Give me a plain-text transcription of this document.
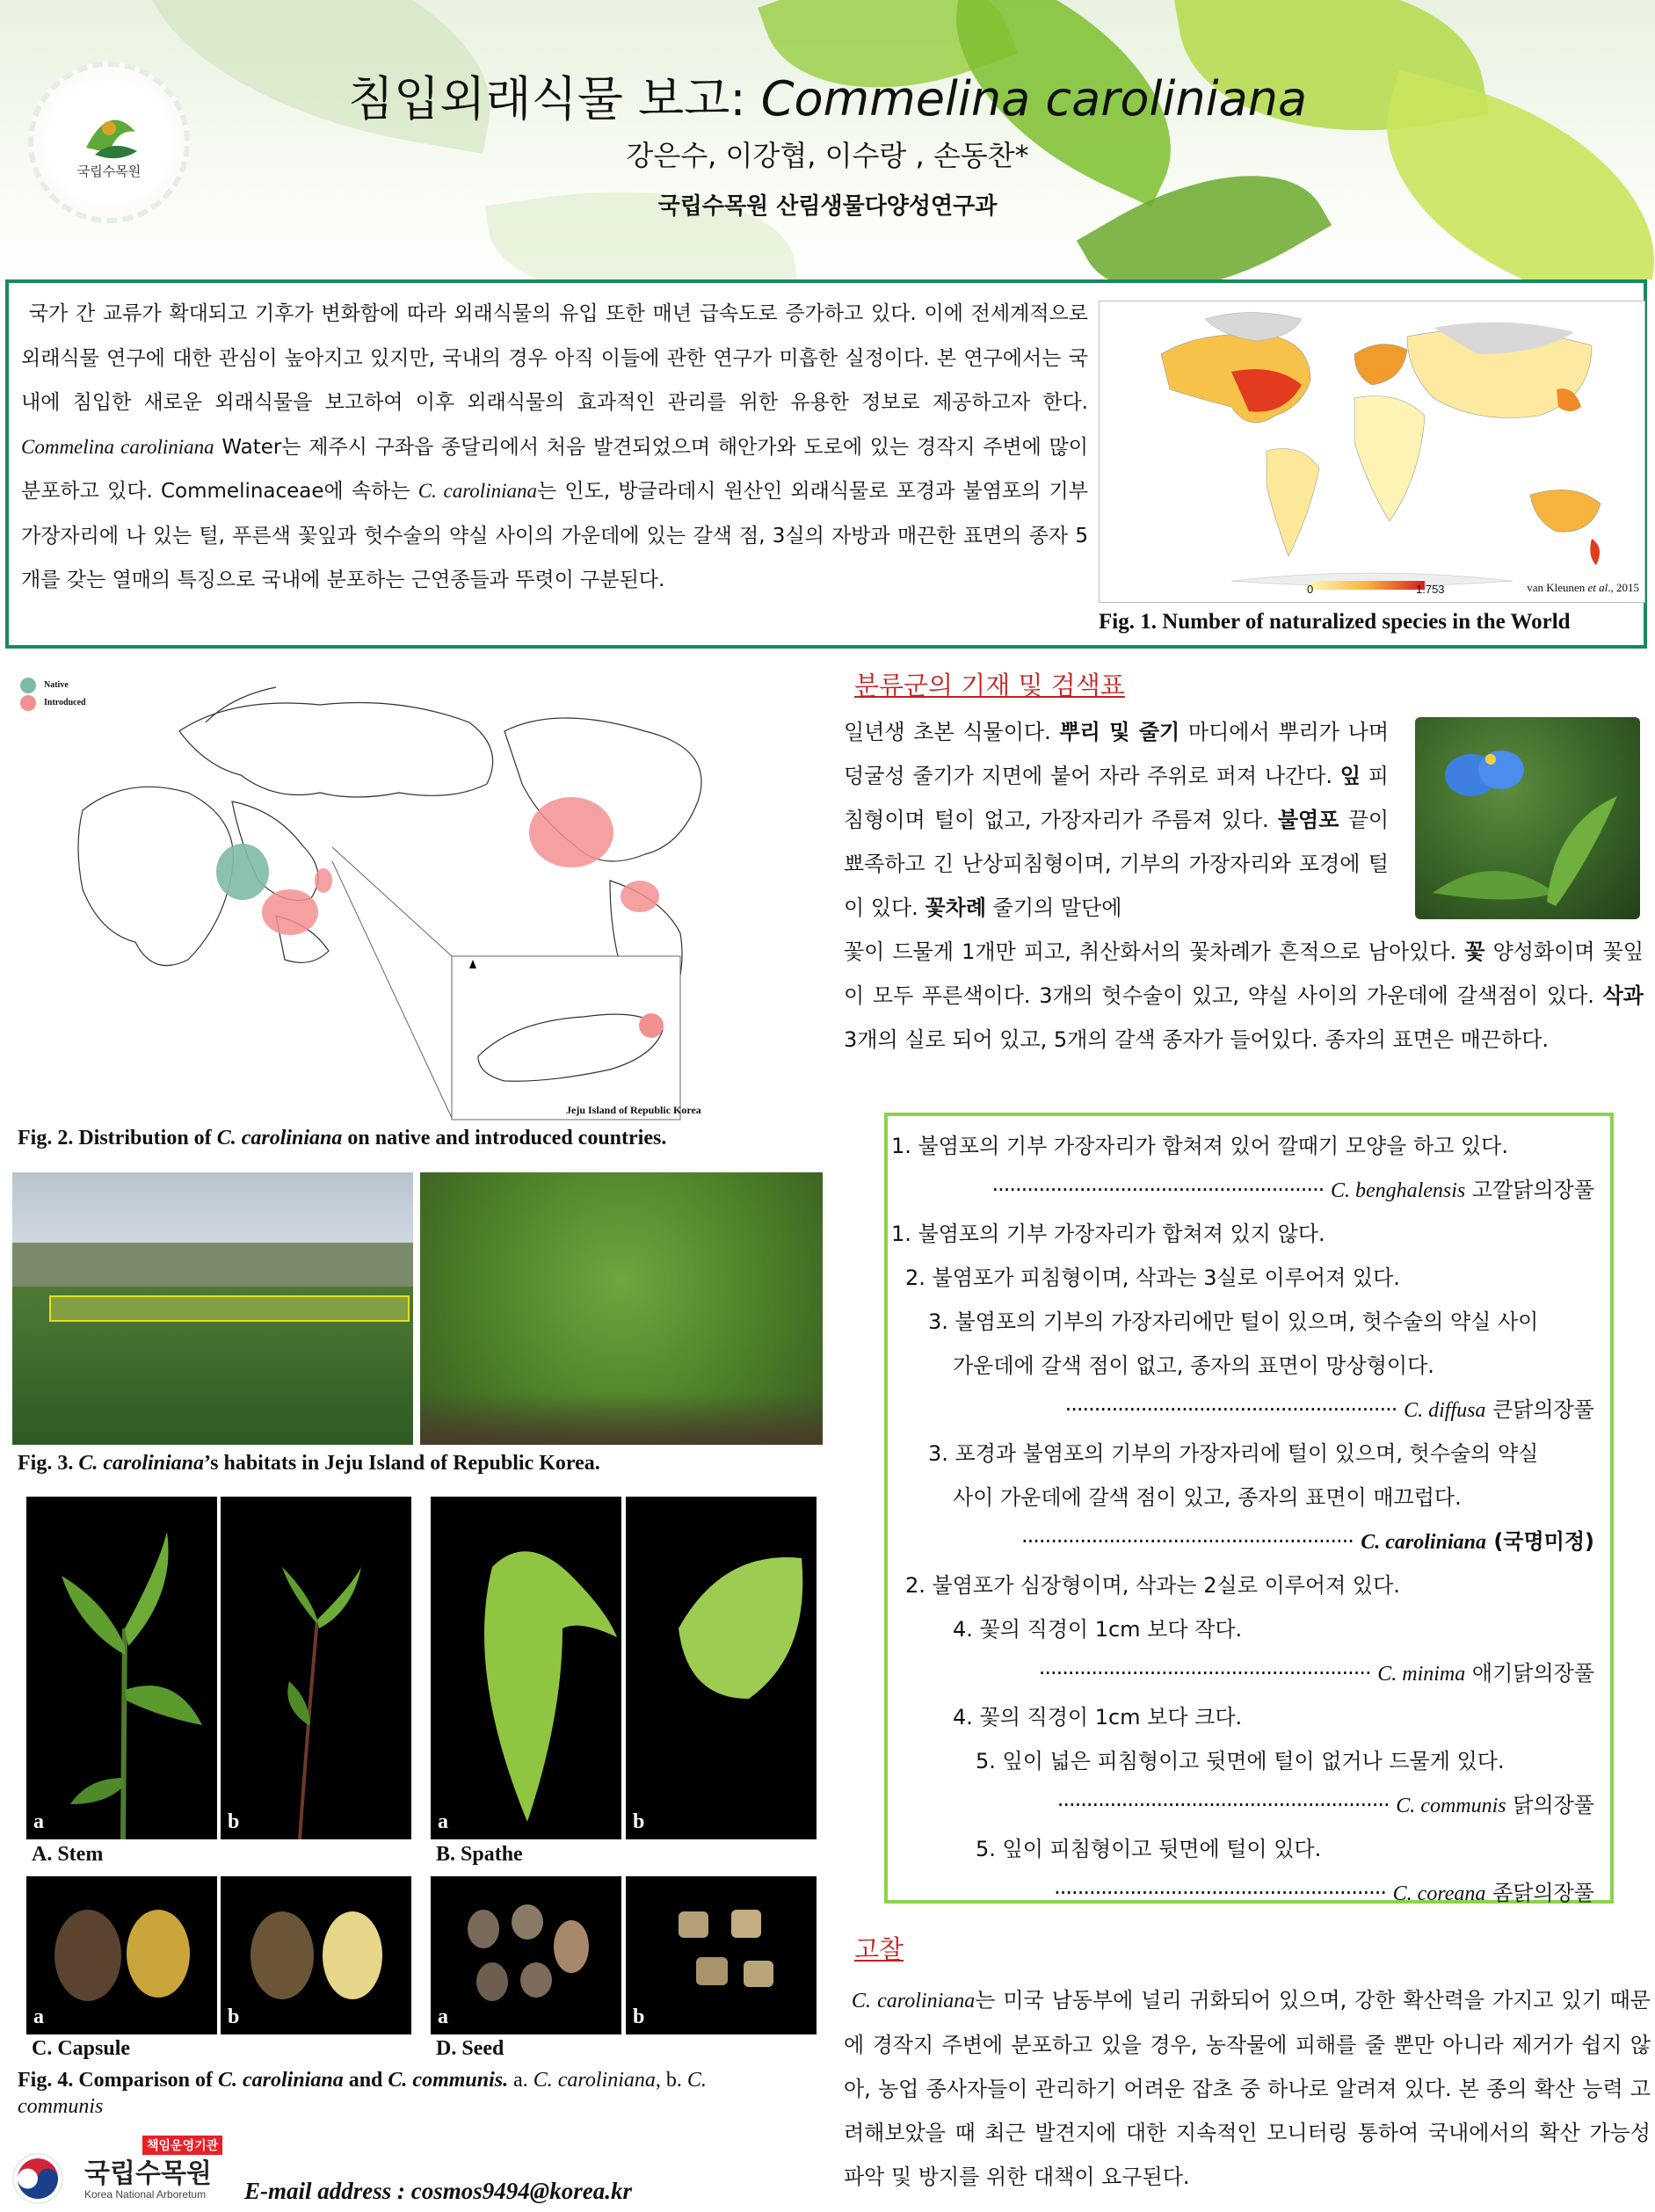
국립수목원
침입외래식물 보고: Commelina caroliniana
강은수, 이강협, 이수랑 , 손동찬*
국립수목원 산림생물다양성연구과
국가 간 교류가 확대되고 기후가 변화함에 따라 외래식물의 유입 또한 매년 급속도로 증가하고 있다. 이에 전세계적으로 외래식물 연구에 대한 관심이 높아지고 있지만, 국내의 경우 아직 이들에 관한 연구가 미흡한 실정이다. 본 연구에서는 국내에 침입한 새로운 외래식물을 보고하여 이후 외래식물의 효과적인 관리를 위한 유용한 정보로 제공하고자 한다. Commelina caroliniana Water는 제주시 구좌읍 종달리에서 처음 발견되었으며 해안가와 도로에 있는 경작지 주변에 많이 분포하고 있다. Commelinaceae에 속하는 C. caroliniana는 인도, 방글라데시 원산인 외래식물로 포경과 불염포의 기부 가장자리에 나 있는 털, 푸른색 꽃잎과 헛수술의 약실 사이의 가운데에 있는 갈색 점, 3실의 자방과 매끈한 표면의 종자 5개를 갖는 열매의 특징으로 국내에 분포하는 근연종들과 뚜렷이 구분된다.	0	1.753	van Kleunen et al., 2015
Fig. 1. Number of naturalized species in the World
Native
Introduced
Jeju Island of Republic Korea
Fig. 2. Distribution of C. caroliniana on native and introduced countries.
Fig. 3. C. caroliniana’s habitats in Jeju Island of Republic Korea.
a	b
A. Stem
a	b
B. Spathe
a	b
C. Capsule
a	b
D. Seed
Fig. 4. Comparison of C. caroliniana and C. communis. a. C. caroliniana, b. C. communis
분류군의 기재 및 검색표
일년생 초본 식물이다. 뿌리 및 줄기 마디에서 뿌리가 나며 덩굴성 줄기가 지면에 붙어 자라 주위로 퍼져 나간다. 잎 피침형이며 털이 없고, 가장자리가 주름져 있다. 불염포 끝이 뾰족하고 긴 난상피침형이며, 기부의 가장자리와 포경에 털이 있다. 꽃차례 줄기의 말단에
꽃이 드물게 1개만 피고, 취산화서의 꽃차례가 흔적으로 남아있다. 꽃 양성화이며 꽃잎이 모두 푸른색이다. 3개의 헛수술이 있고, 약실 사이의 가운데에 갈색점이 있다. 삭과 3개의 실로 되어 있고, 5개의 갈색 종자가 들어있다. 종자의 표면은 매끈하다.
1. 불염포의 기부 가장자리가 합쳐져 있어 깔때기 모양을 하고 있다.
························································· C. benghalensis 고깔닭의장풀
1. 불염포의 기부 가장자리가 합쳐져 있지 않다.
2. 불염포가 피침형이며, 삭과는 3실로 이루어져 있다.
3. 불염포의 기부의 가장자리에만 털이 있으며, 헛수술의 약실 사이
가운데에 갈색 점이 없고, 종자의 표면이 망상형이다.
························································· C. diffusa 큰닭의장풀
3. 포경과 불염포의 기부의 가장자리에 털이 있으며, 헛수술의 약실
사이 가운데에 갈색 점이 있고, 종자의 표면이 매끄럽다.
························································· C. caroliniana (국명미정)
2. 불염포가 심장형이며, 삭과는 2실로 이루어져 있다.
4. 꽃의 직경이 1cm 보다 작다.
························································· C. minima 애기닭의장풀
4. 꽃의 직경이 1cm 보다 크다.
5. 잎이 넓은 피침형이고 뒷면에 털이 없거나 드물게 있다.
························································· C. communis 닭의장풀
5. 잎이 피침형이고 뒷면에 털이 있다.
························································· C. coreana 좀닭의장풀
고찰
C. caroliniana는 미국 남동부에 널리 귀화되어 있으며, 강한 확산력을 가지고 있기 때문에 경작지 주변에 분포하고 있을 경우, 농작물에 피해를 줄 뿐만 아니라 제거가 쉽지 않아, 농업 종사자들이 관리하기 어려운 잡초 중 하나로 알려져 있다. 본 종의 확산 능력 고려해보았을 때 최근 발견지에 대한 지속적인 모니터링 통하여 국내에서의 확산 가능성 파악 및 방지를 위한 대책이 요구된다.
책임운영기관
국립수목원
Korea National Arboretum E-mail address : cosmos9494@korea.kr
